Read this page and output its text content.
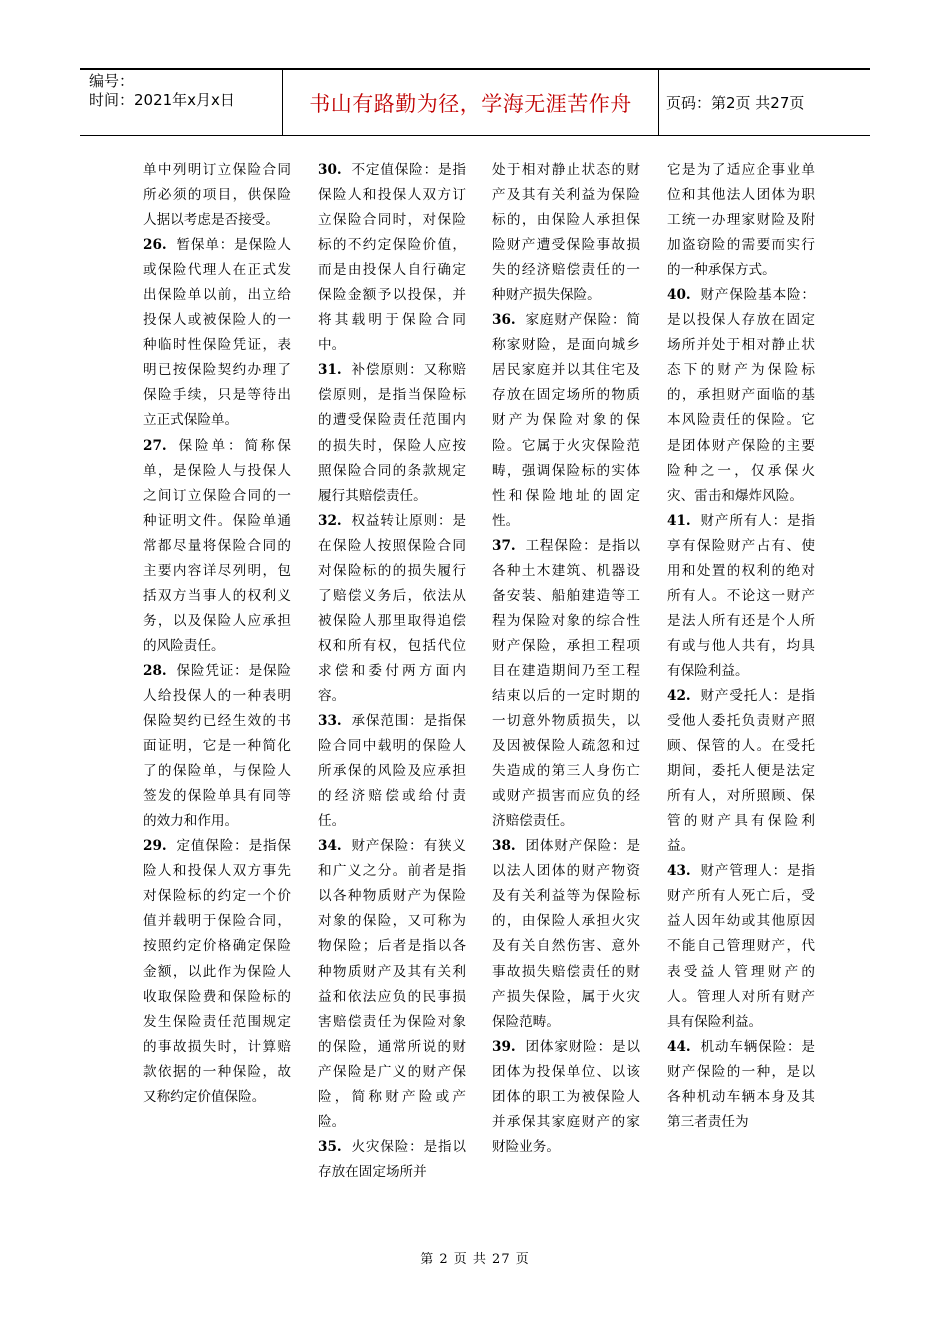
编号：
时间：2021年x月x日	书山有路勤为径，学海无涯苦作舟	页码：第2页 共27页

单中列明订立保险合同所必须的项目，供保险人据以考虑是否接受。

26. 暂保单：是保险人或保险代理人在正式发出保险单以前，出立给投保人或被保险人的一种临时性保险凭证，表明已按保险契约办理了保险手续，只是等待出立正式保险单。

27. 保险单：简称保单，是保险人与投保人之间订立保险合同的一种证明文件。保险单通常都尽量将保险合同的主要内容详尽列明，包括双方当事人的权利义务，以及保险人应承担的风险责任。

28. 保险凭证：是保险人给投保人的一种表明保险契约已经生效的书面证明，它是一种简化了的保险单，与保险人签发的保险单具有同等的效力和作用。

29. 定值保险：是指保险人和投保人双方事先对保险标的约定一个价值并载明于保险合同，按照约定价格确定保险金额，以此作为保险人收取保险费和保险标的发生保险责任范围规定的事故损失时，计算赔款依据的一种保险，故又称约定价值保险。

30. 不定值保险：是指保险人和投保人双方订立保险合同时，对保险标的不约定保险价值，而是由投保人自行确定保险金额予以投保，并将其载明于保险合同中。

31. 补偿原则：又称赔偿原则，是指当保险标的遭受保险责任范围内的损失时，保险人应按照保险合同的条款规定履行其赔偿责任。

32. 权益转让原则：是在保险人按照保险合同对保险标的的损失履行了赔偿义务后，依法从被保险人那里取得追偿权和所有权，包括代位求偿和委付两方面内容。

33. 承保范围：是指保险合同中载明的保险人所承保的风险及应承担的经济赔偿或给付责任。

34. 财产保险：有狭义和广义之分。前者是指以各种物质财产为保险对象的保险，又可称为物保险；后者是指以各种物质财产及其有关利益和依法应负的民事损害赔偿责任为保险对象的保险，通常所说的财产保险是广义的财产保险，简称财产险或产险。

35. 火灾保险：是指以存放在固定场所并

处于相对静止状态的财产及其有关利益为保险标的，由保险人承担保险财产遭受保险事故损失的经济赔偿责任的一种财产损失保险。

36. 家庭财产保险：简称家财险，是面向城乡居民家庭并以其住宅及存放在固定场所的物质财产为保险对象的保险。它属于火灾保险范畴，强调保险标的实体性和保险地址的固定性。

37. 工程保险：是指以各种土木建筑、机器设备安装、船舶建造等工程为保险对象的综合性财产保险，承担工程项目在建造期间乃至工程结束以后的一定时期的一切意外物质损失，以及因被保险人疏忽和过失造成的第三人身伤亡或财产损害而应负的经济赔偿责任。

38. 团体财产保险：是以法人团体的财产物资及有关利益等为保险标的，由保险人承担火灾及有关自然伤害、意外事故损失赔偿责任的财产损失保险，属于火灾保险范畴。

39. 团体家财险：是以团体为投保单位、以该团体的职工为被保险人并承保其家庭财产的家财险业务。

它是为了适应企事业单位和其他法人团体为职工统一办理家财险及附加盗窃险的需要而实行的一种承保方式。

40. 财产保险基本险：是以投保人存放在固定场所并处于相对静止状态下的财产为保险标的，承担财产面临的基本风险责任的保险。它是团体财产保险的主要险种之一，仅承保火灾、雷击和爆炸风险。

41. 财产所有人：是指享有保险财产占有、使用和处置的权利的绝对所有人。不论这一财产是法人所有还是个人所有或与他人共有，均具有保险利益。

42. 财产受托人：是指受他人委托负责财产照顾、保管的人。在受托期间，委托人便是法定所有人，对所照顾、保管的财产具有保险利益。

43. 财产管理人：是指财产所有人死亡后，受益人因年幼或其他原因不能自己管理财产，代表受益人管理财产的人。管理人对所有财产具有保险利益。

44. 机动车辆保险：是财产保险的一种，是以各种机动车辆本身及其第三者责任为

第 2 页 共 27 页
